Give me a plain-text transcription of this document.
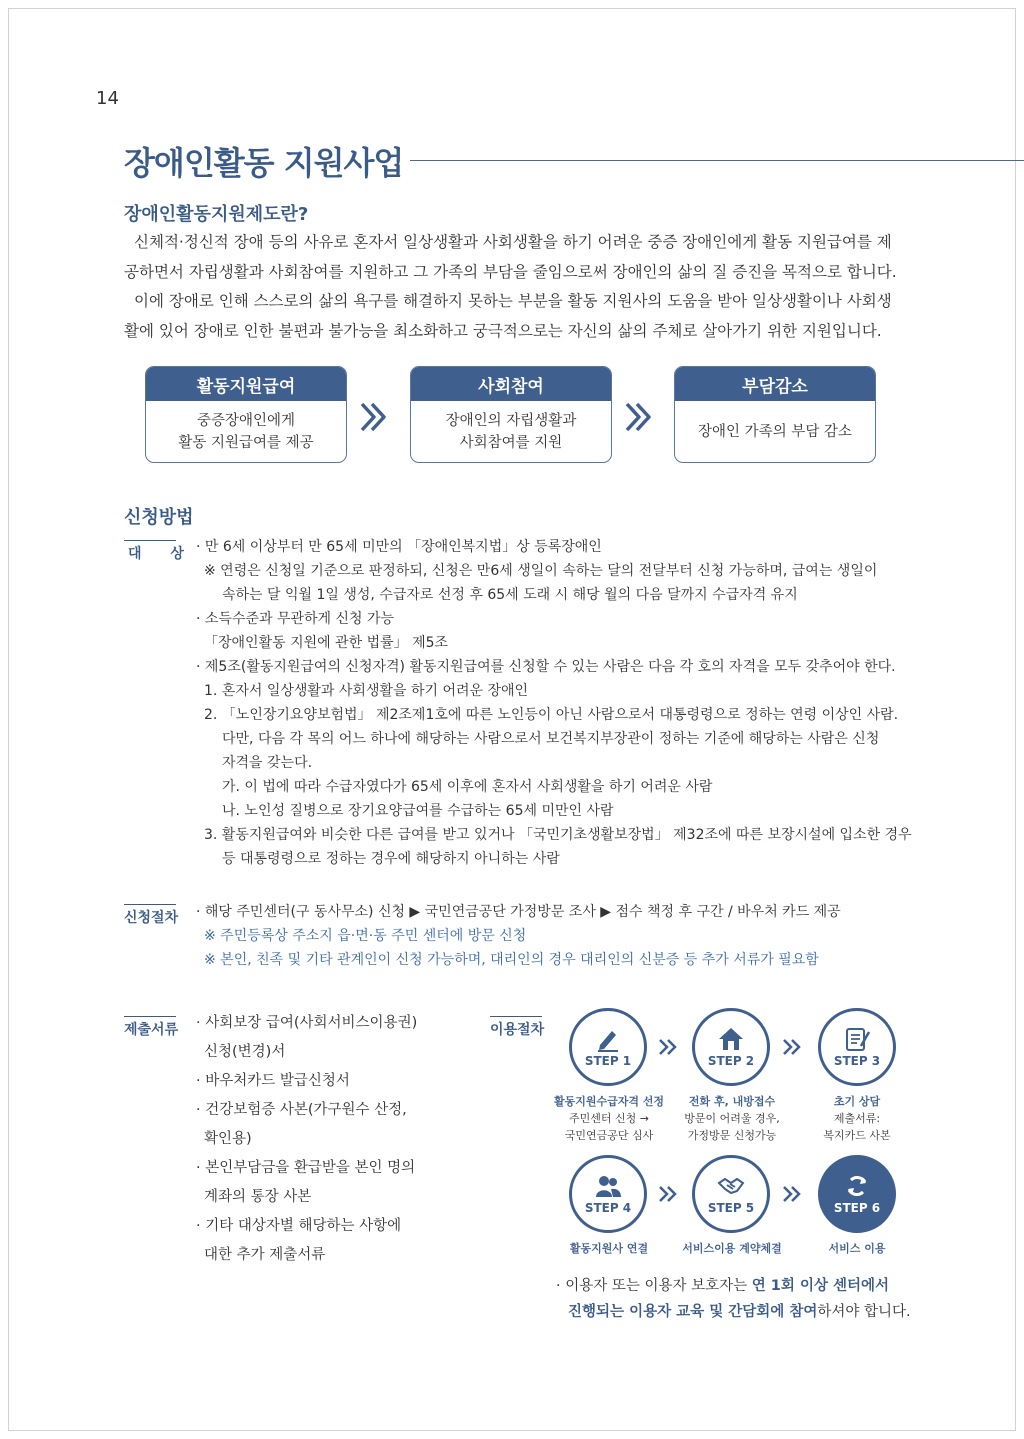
14
장애인활동 지원사업
장애인활동지원제도란?

신체적·정신적 장애 등의 사유로 혼자서 일상생활과 사회생활을 하기 어려운 중증 장애인에게 활동 지원급여를 제공하면서 자립생활과 사회참여를 지원하고 그 가족의 부담을 줄임으로써 장애인의 삶의 질 증진을 목적으로 합니다.

이에 장애로 인해 스스로의 삶의 욕구를 해결하지 못하는 부분을 활동 지원사의 도움을 받아 일상생활이나 사회생활에 있어 장애로 인한 불편과 불가능을 최소화하고 궁극적으로는 자신의 삶의 주체로 살아가기 위한 지원입니다.

활동지원급여
중증장애인에게
활동 지원급여를 제공
사회참여
장애인의 자립생활과
사회참여를 지원
부담감소
장애인 가족의 부담 감소
신청방법
대 상 · 만 6세 이상부터 만 65세 미만의 「장애인복지법」상 등록장애인
※ 연령은 신청일 기준으로 판정하되, 신청은 만6세 생일이 속하는 달의 전달부터 신청 가능하며, 급여는 생일이
속하는 달 익월 1일 생성, 수급자로 선정 후 65세 도래 시 해당 월의 다음 달까지 수급자격 유지
· 소득수준과 무관하게 신청 가능
「장애인활동 지원에 관한 법률」 제5조
· 제5조(활동지원급여의 신청자격) 활동지원급여를 신청할 수 있는 사람은 다음 각 호의 자격을 모두 갖추어야 한다.
1. 혼자서 일상생활과 사회생활을 하기 어려운 장애인
2. 「노인장기요양보험법」 제2조제1호에 따른 노인등이 아닌 사람으로서 대통령령으로 정하는 연령 이상인 사람.
다만, 다음 각 목의 어느 하나에 해당하는 사람으로서 보건복지부장관이 정하는 기준에 해당하는 사람은 신청
자격을 갖는다.
가. 이 법에 따라 수급자였다가 65세 이후에 혼자서 사회생활을 하기 어려운 사람
나. 노인성 질병으로 장기요양급여를 수급하는 65세 미만인 사람
3. 활동지원급여와 비슷한 다른 급여를 받고 있거나 「국민기초생활보장법」 제32조에 따른 보장시설에 입소한 경우
등 대통령령으로 정하는 경우에 해당하지 아니하는 사람
신청절차 · 해당 주민센터(구 동사무소) 신청 ▶ 국민연금공단 가정방문 조사 ▶ 점수 책정 후 구간 / 바우처 카드 제공
※ 주민등록상 주소지 읍·면·동 주민 센터에 방문 신청
※ 본인, 친족 및 기타 관계인이 신청 가능하며, 대리인의 경우 대리인의 신분증 등 추가 서류가 필요함
제출서류 · 사회보장 급여(사회서비스이용권)
신청(변경)서
· 바우처카드 발급신청서
· 건강보험증 사본(가구원수 산정,
확인용)
· 본인부담금을 환급받을 본인 명의
계좌의 통장 사본
· 기타 대상자별 해당하는 사항에
대한 추가 제출서류
이용절차
STEP 1	STEP 2	STEP 3
활동지원수급자격 선정
주민센터 신청 →
국민연금공단 심사
전화 후, 내방접수
방문이 어려울 경우,
가정방문 신청가능
초기 상담
제출서류:
복지카드 사본
STEP 4	STEP 5	STEP 6
활동지원사 연결	서비스이용 계약체결	서비스 이용
· 이용자 또는 이용자 보호자는 연 1회 이상 센터에서
진행되는 이용자 교육 및 간담회에 참여하셔야 합니다.
